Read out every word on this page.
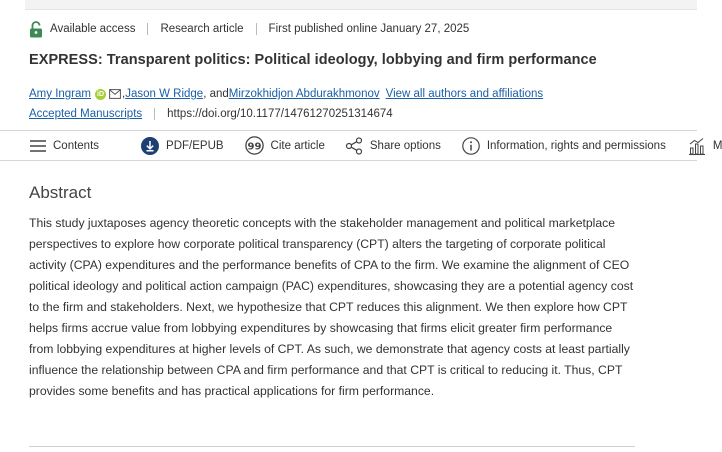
Available access Research article First published online January 27, 2025
EXPRESS: Transparent politics: Political ideology, lobbying and firm performance
Amy Ingram iD , Jason W Ridge , and Mirzokhidjon Abdurakhmonov View all authors and affiliations
Accepted Manuscripts https://doi.org/10.1177/14761270251314674
Contents	PDF/EPUB 99 Cite article	Share options	Information, rights and permissions	M
Abstract

This study juxtaposes agency theoretic concepts with the stakeholder management and political marketplace perspectives to explore how corporate political transparency (CPT) alters the targeting of corporate political activity (CPA) expenditures and the performance benefits of CPA to the firm. We examine the alignment of CEO political ideology and political action campaign (PAC) expenditures, showcasing they are a potential agency cost to the firm and stakeholders. Next, we hypothesize that CPT reduces this alignment. We then explore how CPT helps firms accrue value from lobbying expenditures by showcasing that firms elicit greater firm performance from lobbying expenditures at higher levels of CPT. As such, we demonstrate that agency costs at least partially influence the relationship between CPA and firm performance and that CPT is critical to reducing it. Thus, CPT provides some benefits and has practical applications for firm performance.
